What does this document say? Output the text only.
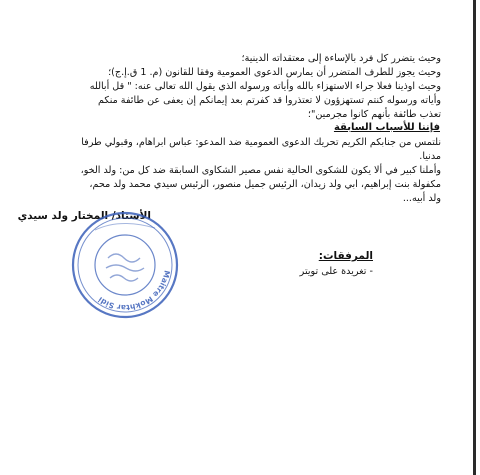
وحيث يتضرر كل فرد بالإساءة إلى معتقداته الدينية؛
وحيث يجوز للطرف المتضرر أن يمارس الدعوى العمومية وفقا للقانون (م. 1 ق.إ.ج)؛
وحيث اوذينا فعلا جراء الاستهزاء بالله وأياته ورسوله الذي يقول الله تعالى عنه: " قل أبالله
وأياته ورسوله كنتم تستهزؤون لا تعتذروا قد كفرتم بعد إيمانكم إن يعفى عن طائفة منكم
تعذب طائفة بأنهم كانوا مجرمين"؛
فإننا للأسباب السابقة
نلتمس من جنابكم الكريم تحريك الدعوى العمومية ضد المدعو: عباس ابراهام، وقبولي طرفا
مدنيا.
وأملنا كبير في ألا يكون للشكوى الحالية نفس مصير الشكاوى السابقة ضد كل من: ولد الخو،
مكفولة بنت إبراهيم، ابي ولد زيدان، الرئيس جميل منصور، الرئيس سيدي محمد ولد محم،
ولد أبيه...
الأستاذ/ المختار ولد سيدي
Maitre Mokhtar Sidi
المرفقات:
- تغريدة على تويتر
